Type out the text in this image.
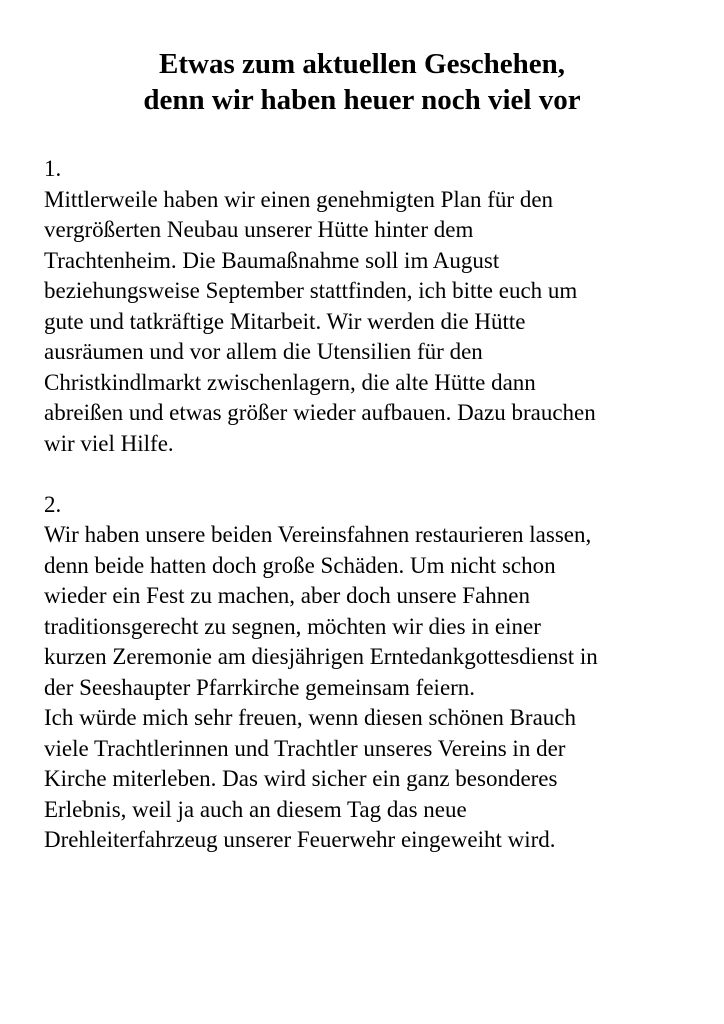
Etwas zum aktuellen Geschehen,
denn wir haben heuer noch viel vor
1.
Mittlerweile haben wir einen genehmigten Plan für den
vergrößerten Neubau unserer Hütte hinter dem
Trachtenheim. Die Baumaßnahme soll im August
beziehungsweise September stattfinden, ich bitte euch um
gute und tatkräftige Mitarbeit. Wir werden die Hütte
ausräumen und vor allem die Utensilien für den
Christkindlmarkt zwischenlagern, die alte Hütte dann
abreißen und etwas größer wieder aufbauen. Dazu brauchen
wir viel Hilfe.
2.
Wir haben unsere beiden Vereinsfahnen restaurieren lassen,
denn beide hatten doch große Schäden. Um nicht schon
wieder ein Fest zu machen, aber doch unsere Fahnen
traditionsgerecht zu segnen, möchten wir dies in einer
kurzen Zeremonie am diesjährigen Erntedankgottesdienst in
der Seeshaupter Pfarrkirche gemeinsam feiern.
Ich würde mich sehr freuen, wenn diesen schönen Brauch
viele Trachtlerinnen und Trachtler unseres Vereins in der
Kirche miterleben. Das wird sicher ein ganz besonderes
Erlebnis, weil ja auch an diesem Tag das neue
Drehleiterfahrzeug unserer Feuerwehr eingeweiht wird.
